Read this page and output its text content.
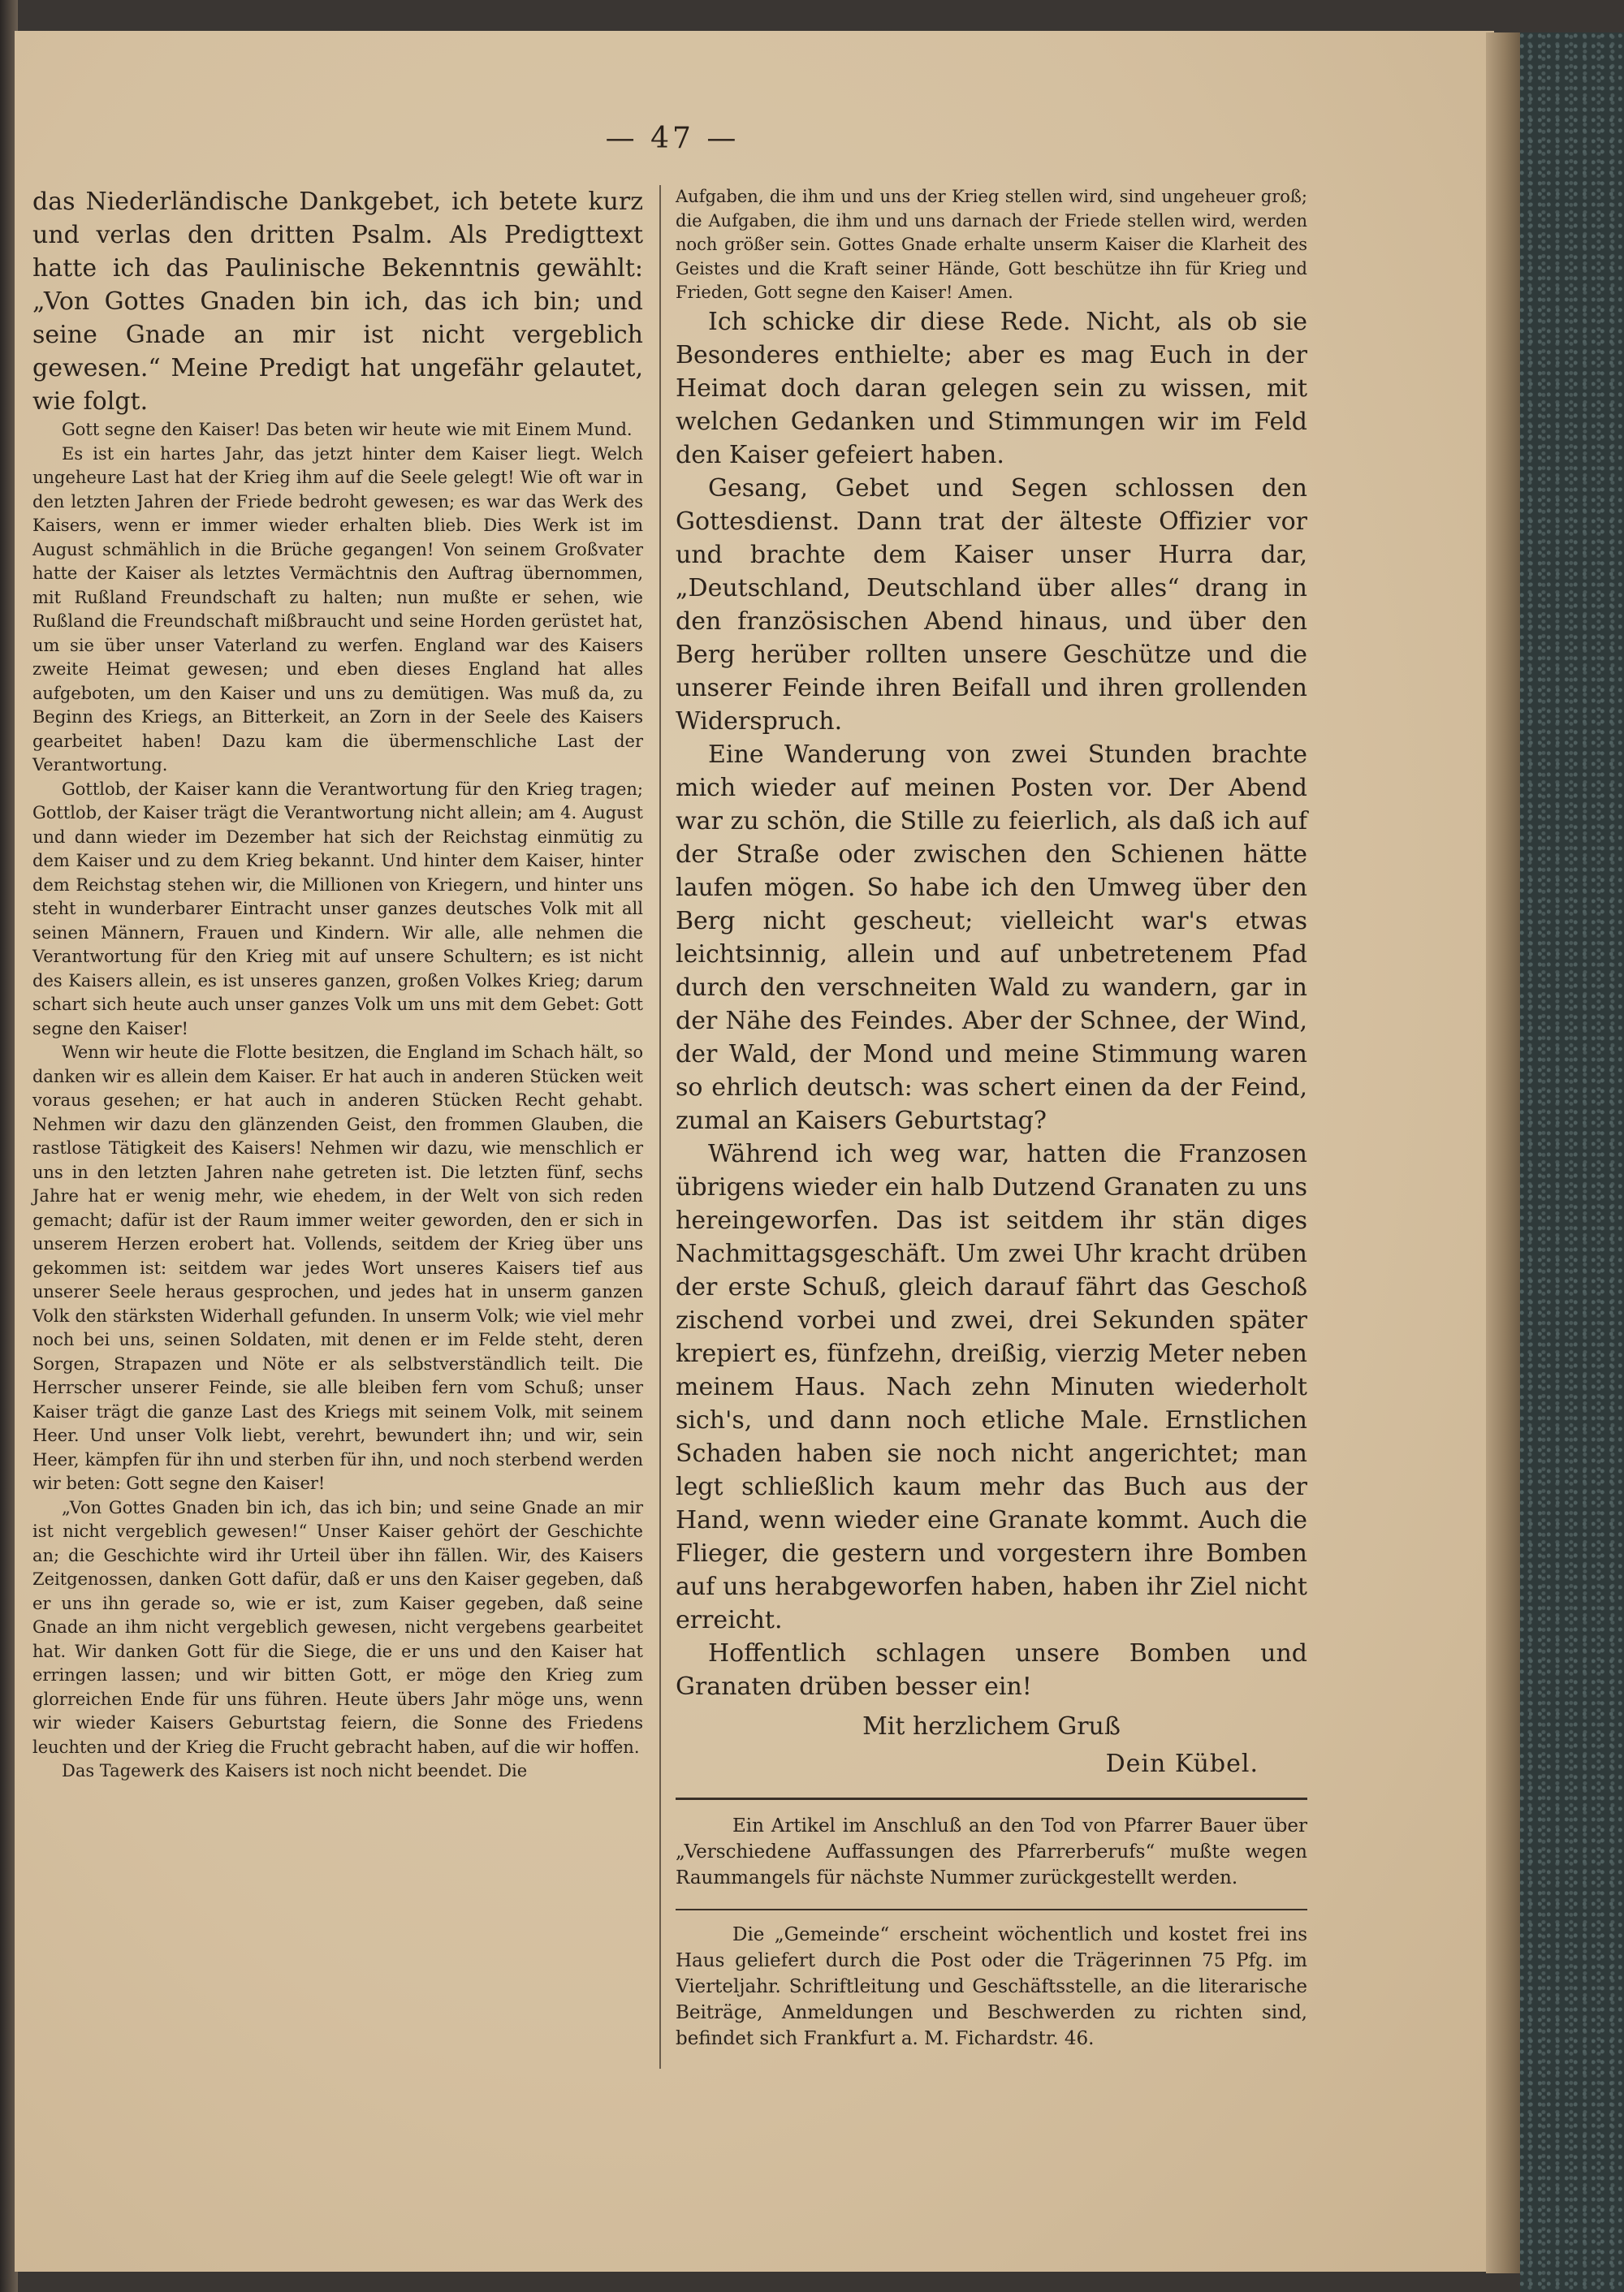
— 47 —

das Niederländische Dankgebet, ich betete kurz und verlas den dritten Psalm. Als Predigttext hatte ich das Paulinische Bekenntnis gewählt: „Von Gottes Gnaden bin ich, das ich bin; und seine Gnade an mir ist nicht vergeblich gewesen.“ Meine Predigt hat ungefähr gelautet, wie folgt.

Gott segne den Kaiser! Das beten wir heute wie mit Einem Mund.

Es ist ein hartes Jahr, das jetzt hinter dem Kaiser liegt. Welch ungeheure Last hat der Krieg ihm auf die Seele gelegt! Wie oft war in den letzten Jahren der Friede bedroht gewesen; es war das Werk des Kaisers, wenn er immer wieder erhalten blieb. Dies Werk ist im August schmählich in die Brüche gegangen! Von seinem Großvater hatte der Kaiser als letztes Vermächtnis den Auftrag übernommen, mit Rußland Freundschaft zu halten; nun mußte er sehen, wie Rußland die Freundschaft mißbraucht und seine Horden gerüstet hat, um sie über unser Vaterland zu werfen. England war des Kaisers zweite Heimat gewesen; und eben dieses England hat alles aufgeboten, um den Kaiser und uns zu demütigen. Was muß da, zu Beginn des Kriegs, an Bitterkeit, an Zorn in der Seele des Kaisers gearbeitet haben! Dazu kam die übermenschliche Last der Verantwortung.

Gottlob, der Kaiser kann die Verantwortung für den Krieg tragen; Gottlob, der Kaiser trägt die Verantwortung nicht allein; am 4. August und dann wieder im Dezember hat sich der Reichstag einmütig zu dem Kaiser und zu dem Krieg bekannt. Und hinter dem Kaiser, hinter dem Reichstag stehen wir, die Millionen von Kriegern, und hinter uns steht in wunderbarer Eintracht unser ganzes deutsches Volk mit all seinen Männern, Frauen und Kindern. Wir alle, alle nehmen die Verantwortung für den Krieg mit auf unsere Schultern; es ist nicht des Kaisers allein, es ist unseres ganzen, großen Volkes Krieg; darum schart sich heute auch unser ganzes Volk um uns mit dem Gebet: Gott segne den Kaiser!

Wenn wir heute die Flotte besitzen, die England im Schach hält, so danken wir es allein dem Kaiser. Er hat auch in anderen Stücken weit voraus gesehen; er hat auch in anderen Stücken Recht gehabt. Nehmen wir dazu den glänzenden Geist, den frommen Glauben, die rastlose Tätigkeit des Kaisers! Nehmen wir dazu, wie menschlich er uns in den letzten Jahren nahe getreten ist. Die letzten fünf, sechs Jahre hat er wenig mehr, wie ehedem, in der Welt von sich reden gemacht; dafür ist der Raum immer weiter geworden, den er sich in unserem Herzen erobert hat. Vollends, seitdem der Krieg über uns gekommen ist: seitdem war jedes Wort unseres Kaisers tief aus unserer Seele heraus gesprochen, und jedes hat in unserm ganzen Volk den stärksten Widerhall gefunden. In unserm Volk; wie viel mehr noch bei uns, seinen Soldaten, mit denen er im Felde steht, deren Sorgen, Strapazen und Nöte er als selbstverständlich teilt. Die Herrscher unserer Feinde, sie alle bleiben fern vom Schuß; unser Kaiser trägt die ganze Last des Kriegs mit seinem Volk, mit seinem Heer. Und unser Volk liebt, verehrt, bewundert ihn; und wir, sein Heer, kämpfen für ihn und sterben für ihn, und noch sterbend werden wir beten: Gott segne den Kaiser!

„Von Gottes Gnaden bin ich, das ich bin; und seine Gnade an mir ist nicht vergeblich gewesen!“ Unser Kaiser gehört der Geschichte an; die Geschichte wird ihr Urteil über ihn fällen. Wir, des Kaisers Zeitgenossen, danken Gott dafür, daß er uns den Kaiser gegeben, daß er uns ihn gerade so, wie er ist, zum Kaiser gegeben, daß seine Gnade an ihm nicht vergeblich gewesen, nicht vergebens gearbeitet hat. Wir danken Gott für die Siege, die er uns und den Kaiser hat erringen lassen; und wir bitten Gott, er möge den Krieg zum glorreichen Ende für uns führen. Heute übers Jahr möge uns, wenn wir wieder Kaisers Geburtstag feiern, die Sonne des Friedens leuchten und der Krieg die Frucht gebracht haben, auf die wir hoffen.

Das Tagewerk des Kaisers ist noch nicht beendet. Die

Aufgaben, die ihm und uns der Krieg stellen wird, sind ungeheuer groß; die Aufgaben, die ihm und uns darnach der Friede stellen wird, werden noch größer sein. Gottes Gnade erhalte unserm Kaiser die Klarheit des Geistes und die Kraft seiner Hände, Gott beschütze ihn für Krieg und Frieden, Gott segne den Kaiser! Amen.

Ich schicke dir diese Rede. Nicht, als ob sie Besonderes enthielte; aber es mag Euch in der Heimat doch daran gelegen sein zu wissen, mit welchen Gedanken und Stimmungen wir im Feld den Kaiser gefeiert haben.

Gesang, Gebet und Segen schlossen den Gottesdienst. Dann trat der älteste Offizier vor und brachte dem Kaiser unser Hurra dar, „Deutschland, Deutschland über alles“ drang in den französischen Abend hinaus, und über den Berg herüber rollten unsere Geschütze und die unserer Feinde ihren Beifall und ihren grollenden Widerspruch.

Eine Wanderung von zwei Stunden brachte mich wieder auf meinen Posten vor. Der Abend war zu schön, die Stille zu feierlich, als daß ich auf der Straße oder zwischen den Schienen hätte laufen mögen. So habe ich den Umweg über den Berg nicht gescheut; vielleicht war's etwas leichtsinnig, allein und auf unbetretenem Pfad durch den verschneiten Wald zu wandern, gar in der Nähe des Feindes. Aber der Schnee, der Wind, der Wald, der Mond und meine Stimmung waren so ehrlich deutsch: was schert einen da der Feind, zumal an Kaisers Geburtstag?

Während ich weg war, hatten die Franzosen übrigens wieder ein halb Dutzend Granaten zu uns hereingeworfen. Das ist seitdem ihr stän diges Nachmittagsgeschäft. Um zwei Uhr kracht drüben der erste Schuß, gleich darauf fährt das Geschoß zischend vorbei und zwei, drei Sekunden später krepiert es, fünfzehn, dreißig, vierzig Meter neben meinem Haus. Nach zehn Minuten wiederholt sich's, und dann noch etliche Male. Ernstlichen Schaden haben sie noch nicht angerichtet; man legt schließlich kaum mehr das Buch aus der Hand, wenn wieder eine Granate kommt. Auch die Flieger, die gestern und vorgestern ihre Bomben auf uns herabgeworfen haben, haben ihr Ziel nicht erreicht.

Hoffentlich schlagen unsere Bomben und Granaten drüben besser ein!

Mit herzlichem Gruß

Dein Kübel.

Ein Artikel im Anschluß an den Tod von Pfarrer Bauer über „Verschiedene Auffassungen des Pfarrerberufs“ mußte wegen Raummangels für nächste Nummer zurückgestellt werden.

Die „Gemeinde“ erscheint wöchentlich und kostet frei ins Haus geliefert durch die Post oder die Trägerinnen 75 Pfg. im Vierteljahr. Schriftleitung und Geschäftsstelle, an die literarische Beiträge, Anmeldungen und Beschwerden zu richten sind, befindet sich Frankfurt a. M. Fichardstr. 46.
